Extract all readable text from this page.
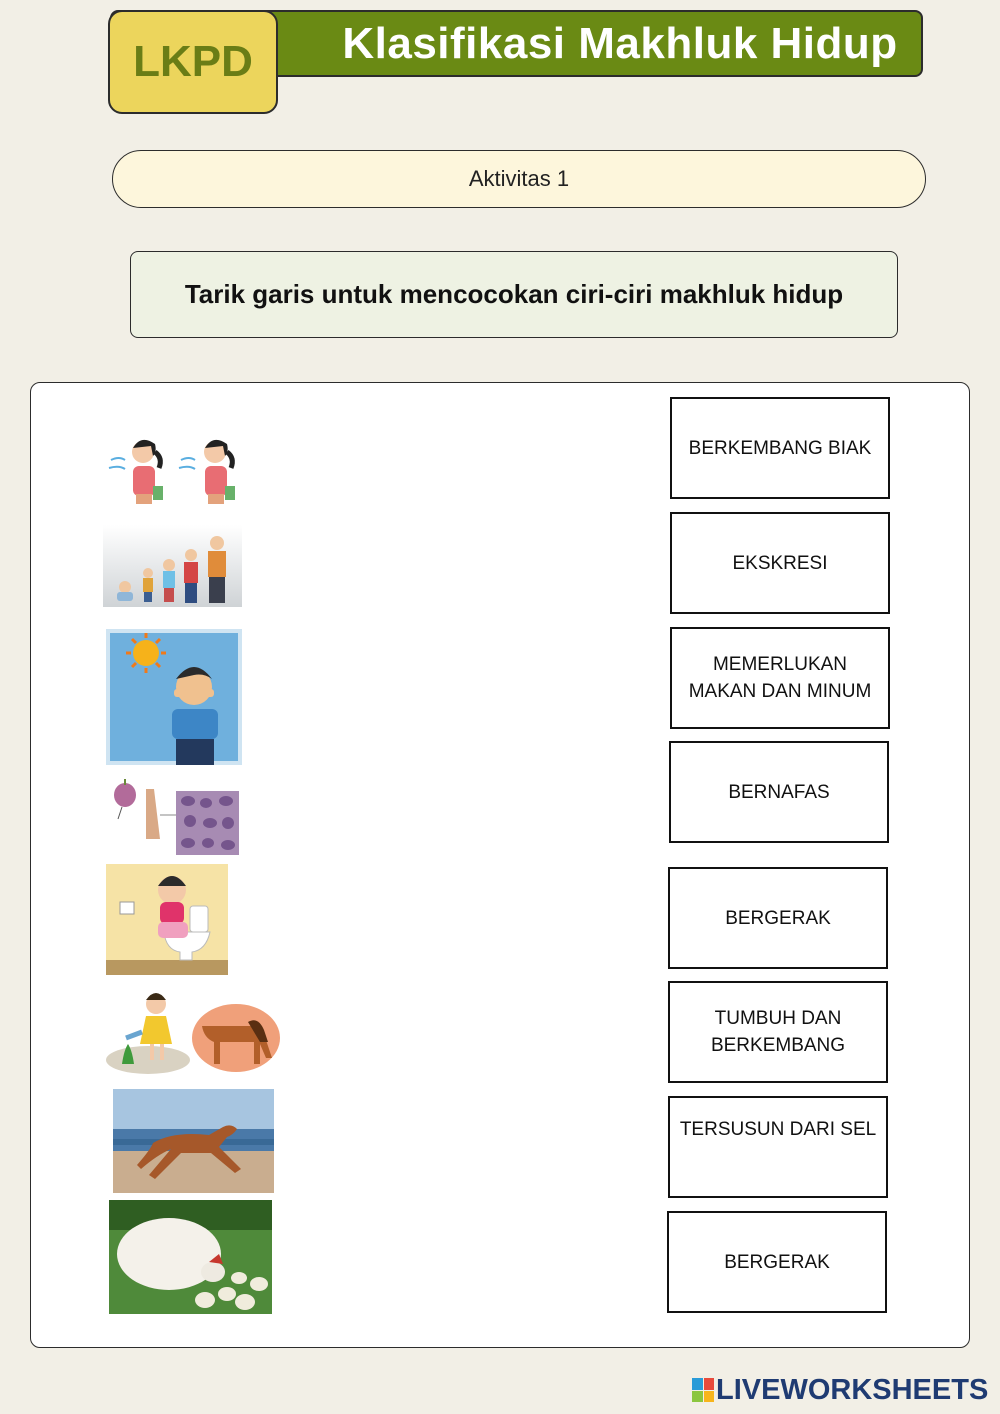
Klasifikasi Makhluk Hidup
LKPD
Aktivitas 1
Tarik garis untuk mencocokan ciri-ciri makhluk hidup
BERKEMBANG BIAK
EKSKRESI
MEMERLUKAN MAKAN DAN MINUM
BERNAFAS
BERGERAK
TUMBUH DAN BERKEMBANG
TERSUSUN DARI SEL
BERGERAK
LIVEWORKSHEETS
